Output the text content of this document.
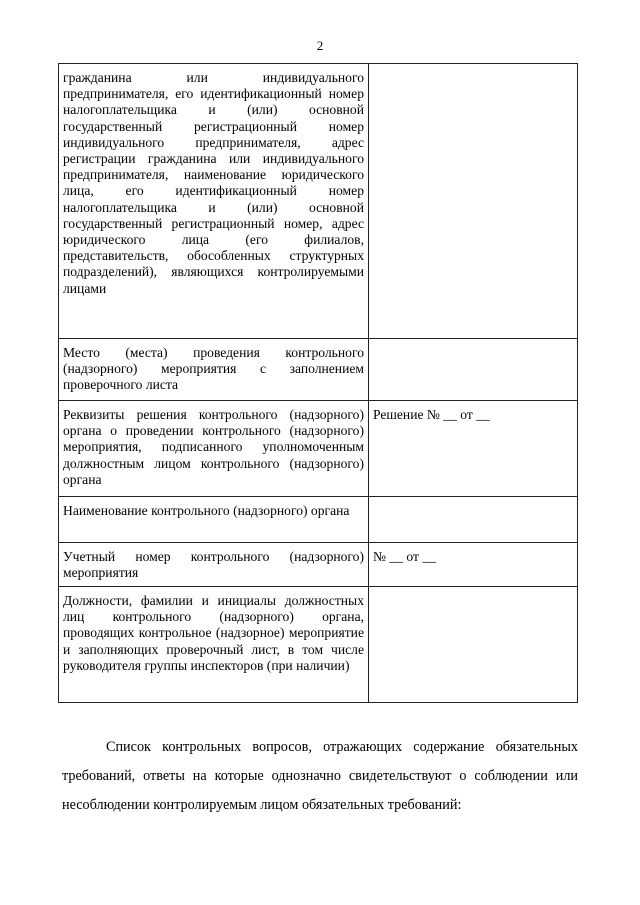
2
гражданина или индивидуального предпринимателя, его идентификационный номер налогоплательщика и (или) основной государственный регистрационный номер индивидуального предпринимателя, адрес регистрации гражданина или индивидуального предпринимателя, наименование юридического лица, его идентификационный номер налогоплательщика и (или) основной государственный регистрационный номер, адрес юридического лица (его филиалов, представительств, обособленных структурных подразделений), являющихся контролируемыми лицами	
Место (места) проведения контрольного (надзорного) мероприятия с заполнением проверочного листа	
Реквизиты решения контрольного (надзорного) органа о проведении контрольного (надзорного) мероприятия, подписанного уполномоченным должностным лицом контрольного (надзорного) органа	Решение № __ от __
Наименование контрольного (надзорного) органа	
Учетный номер контрольного (надзорного) мероприятия	№ __ от __
Должности, фамилии и инициалы должностных лиц контрольного (надзорного) органа, проводящих контрольное (надзорное) мероприятие и заполняющих проверочный лист, в том числе руководителя группы инспекторов (при наличии)	

Список контрольных вопросов, отражающих содержание обязательных требований, ответы на которые однозначно свидетельствуют о соблюдении или несоблюдении контролируемым лицом обязательных требований:
